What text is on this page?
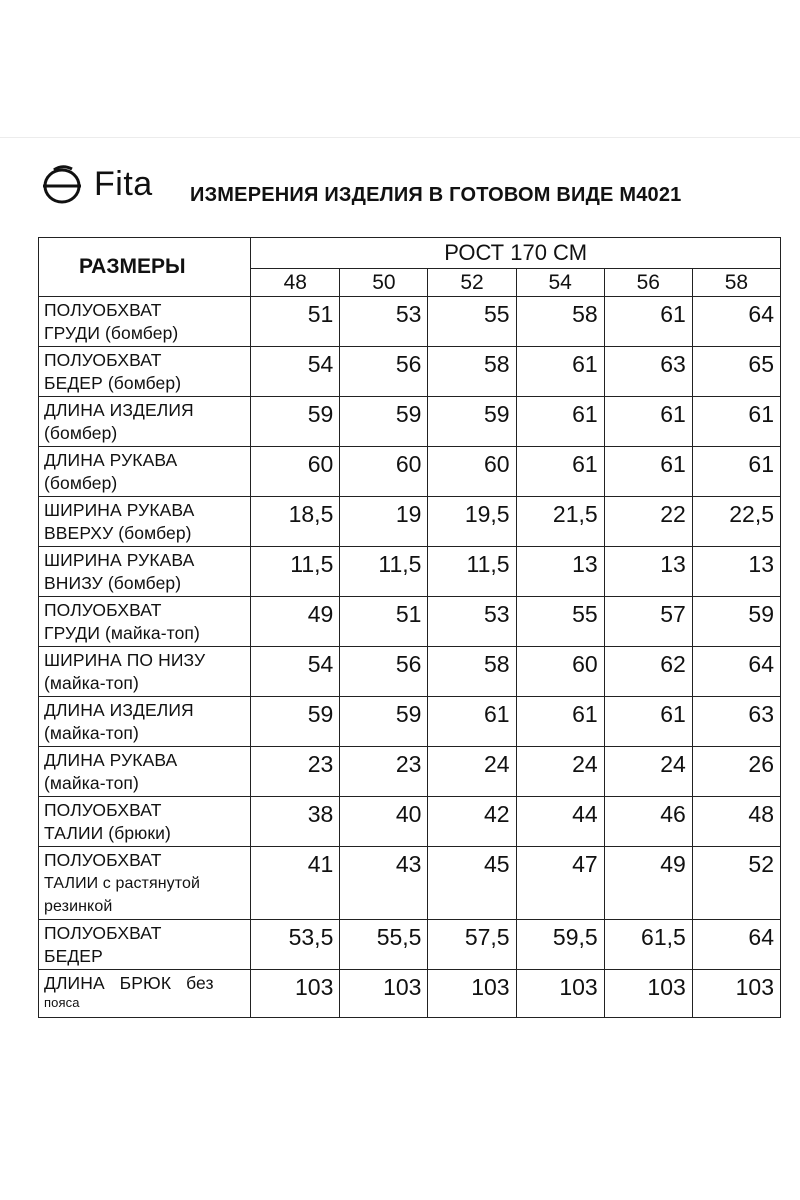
Fita ИЗМЕРЕНИЯ ИЗДЕЛИЯ В ГОТОВОМ ВИДЕ М4021
РАЗМЕРЫ	РОСТ 170 СМ					
	48	50	52	54	56	58

ПОЛУОБХВАТ
ГРУДИ (бомбер)	51	53	55	58	61	64

ПОЛУОБХВАТ
БЕДЕР (бомбер)	54	56	58	61	63	65

ДЛИНА ИЗДЕЛИЯ
(бомбер)	59	59	59	61	61	61

ДЛИНА РУКАВА
(бомбер)	60	60	60	61	61	61

ШИРИНА РУКАВА
ВВЕРХУ (бомбер)	18,5	19	19,5	21,5	22	22,5

ШИРИНА РУКАВА
ВНИЗУ (бомбер)	11,5	11,5	11,5	13	13	13

ПОЛУОБХВАТ
ГРУДИ (майка-топ)	49	51	53	55	57	59

ШИРИНА ПО НИЗУ
(майка-топ)	54	56	58	60	62	64

ДЛИНА ИЗДЕЛИЯ
(майка-топ)	59	59	61	61	61	63

ДЛИНА РУКАВА
(майка-топ)	23	23	24	24	24	26

ПОЛУОБХВАТ
ТАЛИИ (брюки)	38	40	42	44	46	48

ПОЛУОБХВАТ
ТАЛИИ с растянутой
резинкой	41	43	45	47	49	52

ПОЛУОБХВАТ
БЕДЕР	53,5	55,5	57,5	59,5	61,5	64

ДЛИНА БРЮК без
пояса	103	103	103	103	103	103
